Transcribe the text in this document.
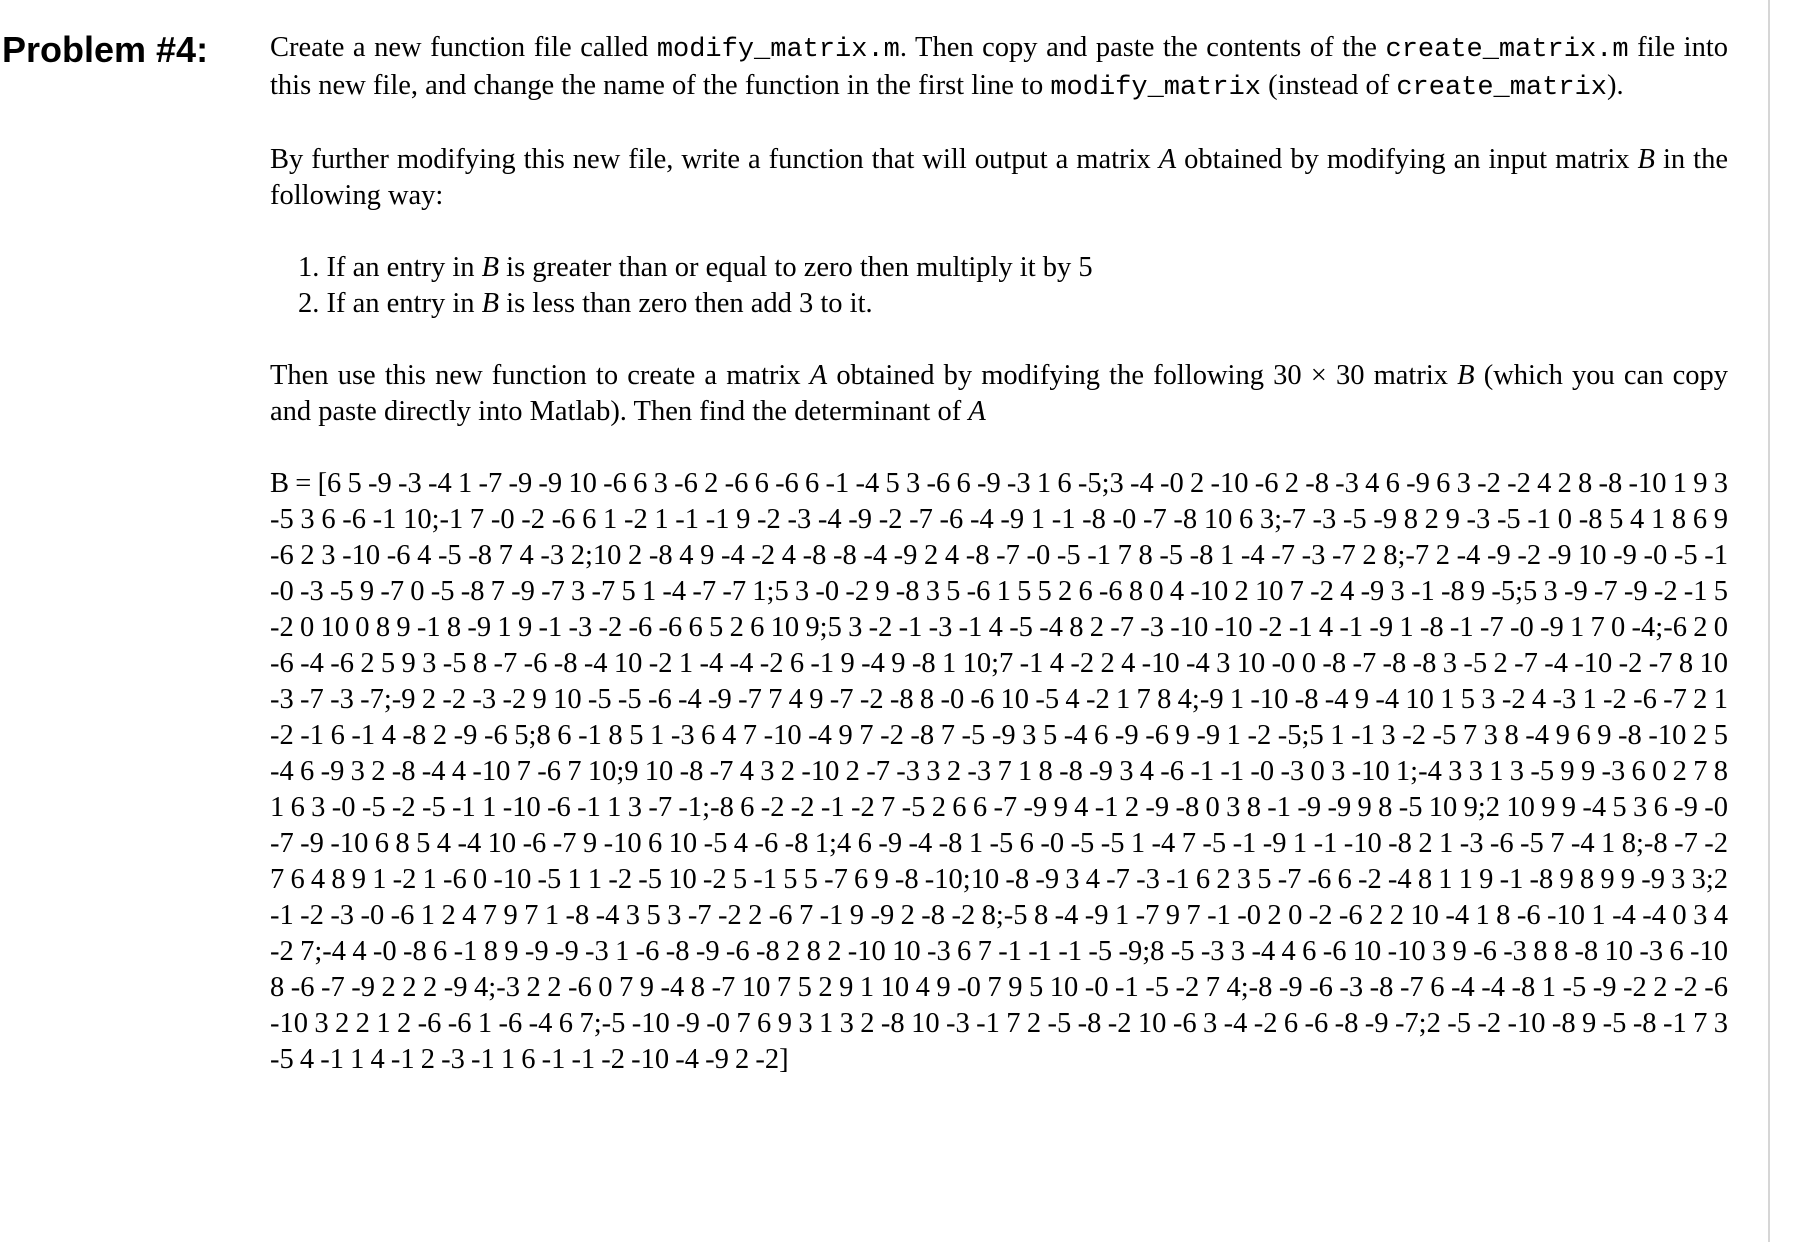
Problem #4: Create a new function file called modify_matrix.m. Then copy and paste the contents of the create_matrix.m file into this new file, and change the name of the function in the first line to modify_matrix (instead of create_matrix).

By further modifying this new file, write a function that will output a matrix A obtained by modifying an input matrix B in the following way:

1. If an entry in B is greater than or equal to zero then multiply it by 5
2. If an entry in B is less than zero then add 3 to it.

Then use this new function to create a matrix A obtained by modifying the following 30 × 30 matrix B (which you can copy and paste directly into Matlab). Then find the determinant of A

B = [6 5 -9 -3 -4 1 -7 -9 -9 10 -6 6 3 -6 2 -6 6 -6 6 -1 -4 5 3 -6 6 -9 -3 1 6 -5;3 -4 -0 2 -10 -6 2 -8 -3 4 6 -9 6 3 -2 -2 4 2 8 -8 -10 1 9 3 -5 3 6 -6 -1 10;-1 7 -0 -2 -6 6 1 -2 1 -1 -1 9 -2 -3 -4 -9 -2 -7 -6 -4 -9 1 -1 -8 -0 -7 -8 10 6 3;-7 -3 -5 -9 8 2 9 -3 -5 -1 0 -8 5 4 1 8 6 9 -6 2 3 -10 -6 4 -5 -8 7 4 -3 2;10 2 -8 4 9 -4 -2 4 -8 -8 -4 -9 2 4 -8 -7 -0 -5 -1 7 8 -5 -8 1 -4 -7 -3 -7 2 8;-7 2 -4 -9 -2 -9 10 -9 -0 -5 -1 -0 -3 -5 9 -7 0 -5 -8 7 -9 -7 3 -7 5 1 -4 -7 -7 1;5 3 -0 -2 9 -8 3 5 -6 1 5 5 2 6 -6 8 0 4 -10 2 10 7 -2 4 -9 3 -1 -8 9 -5;5 3 -9 -7 -9 -2 -1 5 -2 0 10 0 8 9 -1 8 -9 1 9 -1 -3 -2 -6 -6 6 5 2 6 10 9;5 3 -2 -1 -3 -1 4 -5 -4 8 2 -7 -3 -10 -10 -2 -1 4 -1 -9 1 -8 -1 -7 -0 -9 1 7 0 -4;-6 2 0 -6 -4 -6 2 5 9 3 -5 8 -7 -6 -8 -4 10 -2 1 -4 -4 -2 6 -1 9 -4 9 -8 1 10;7 -1 4 -2 2 4 -10 -4 3 10 -0 0 -8 -7 -8 -8 3 -5 2 -7 -4 -10 -2 -7 8 10 -3 -7 -3 -7;-9 2 -2 -3 -2 9 10 -5 -5 -6 -4 -9 -7 7 4 9 -7 -2 -8 8 -0 -6 10 -5 4 -2 1 7 8 4;-9 1 -10 -8 -4 9 -4 10 1 5 3 -2 4 -3 1 -2 -6 -7 2 1 -2 -1 6 -1 4 -8 2 -9 -6 5;8 6 -1 8 5 1 -3 6 4 7 -10 -4 9 7 -2 -8 7 -5 -9 3 5 -4 6 -9 -6 9 -9 1 -2 -5;5 1 -1 3 -2 -5 7 3 8 -4 9 6 9 -8 -10 2 5 -4 6 -9 3 2 -8 -4 4 -10 7 -6 7 10;9 10 -8 -7 4 3 2 -10 2 -7 -3 3 2 -3 7 1 8 -8 -9 3 4 -6 -1 -1 -0 -3 0 3 -10 1;-4 3 3 1 3 -5 9 9 -3 6 0 2 7 8 1 6 3 -0 -5 -2 -5 -1 1 -10 -6 -1 1 3 -7 -1;-8 6 -2 -2 -1 -2 7 -5 2 6 6 -7 -9 9 4 -1 2 -9 -8 0 3 8 -1 -9 -9 9 8 -5 10 9;2 10 9 9 -4 5 3 6 -9 -0 -7 -9 -10 6 8 5 4 -4 10 -6 -7 9 -10 6 10 -5 4 -6 -8 1;4 6 -9 -4 -8 1 -5 6 -0 -5 -5 1 -4 7 -5 -1 -9 1 -1 -10 -8 2 1 -3 -6 -5 7 -4 1 8;-8 -7 -2 7 6 4 8 9 1 -2 1 -6 0 -10 -5 1 1 -2 -5 10 -2 5 -1 5 5 -7 6 9 -8 -10;10 -8 -9 3 4 -7 -3 -1 6 2 3 5 -7 -6 6 -2 -4 8 1 1 9 -1 -8 9 8 9 9 -9 3 3;2 -1 -2 -3 -0 -6 1 2 4 7 9 7 1 -8 -4 3 5 3 -7 -2 2 -6 7 -1 9 -9 2 -8 -2 8;-5 8 -4 -9 1 -7 9 7 -1 -0 2 0 -2 -6 2 2 10 -4 1 8 -6 -10 1 -4 -4 0 3 4 -2 7;-4 4 -0 -8 6 -1 8 9 -9 -9 -3 1 -6 -8 -9 -6 -8 2 8 2 -10 10 -3 6 7 -1 -1 -1 -5 -9;8 -5 -3 3 -4 4 6 -6 10 -10 3 9 -6 -3 8 8 -8 10 -3 6 -10 8 -6 -7 -9 2 2 2 -9 4;-3 2 2 -6 0 7 9 -4 8 -7 10 7 5 2 9 1 10 4 9 -0 7 9 5 10 -0 -1 -5 -2 7 4;-8 -9 -6 -3 -8 -7 6 -4 -4 -8 1 -5 -9 -2 2 -2 -6 -10 3 2 2 1 2 -6 -6 1 -6 -4 6 7;-5 -10 -9 -0 7 6 9 3 1 3 2 -8 10 -3 -1 7 2 -5 -8 -2 10 -6 3 -4 -2 6 -6 -8 -9 -7;2 -5 -2 -10 -8 9 -5 -8 -1 7 3 -5 4 -1 1 4 -1 2 -3 -1 1 6 -1 -1 -2 -10 -4 -9 2 -2]
